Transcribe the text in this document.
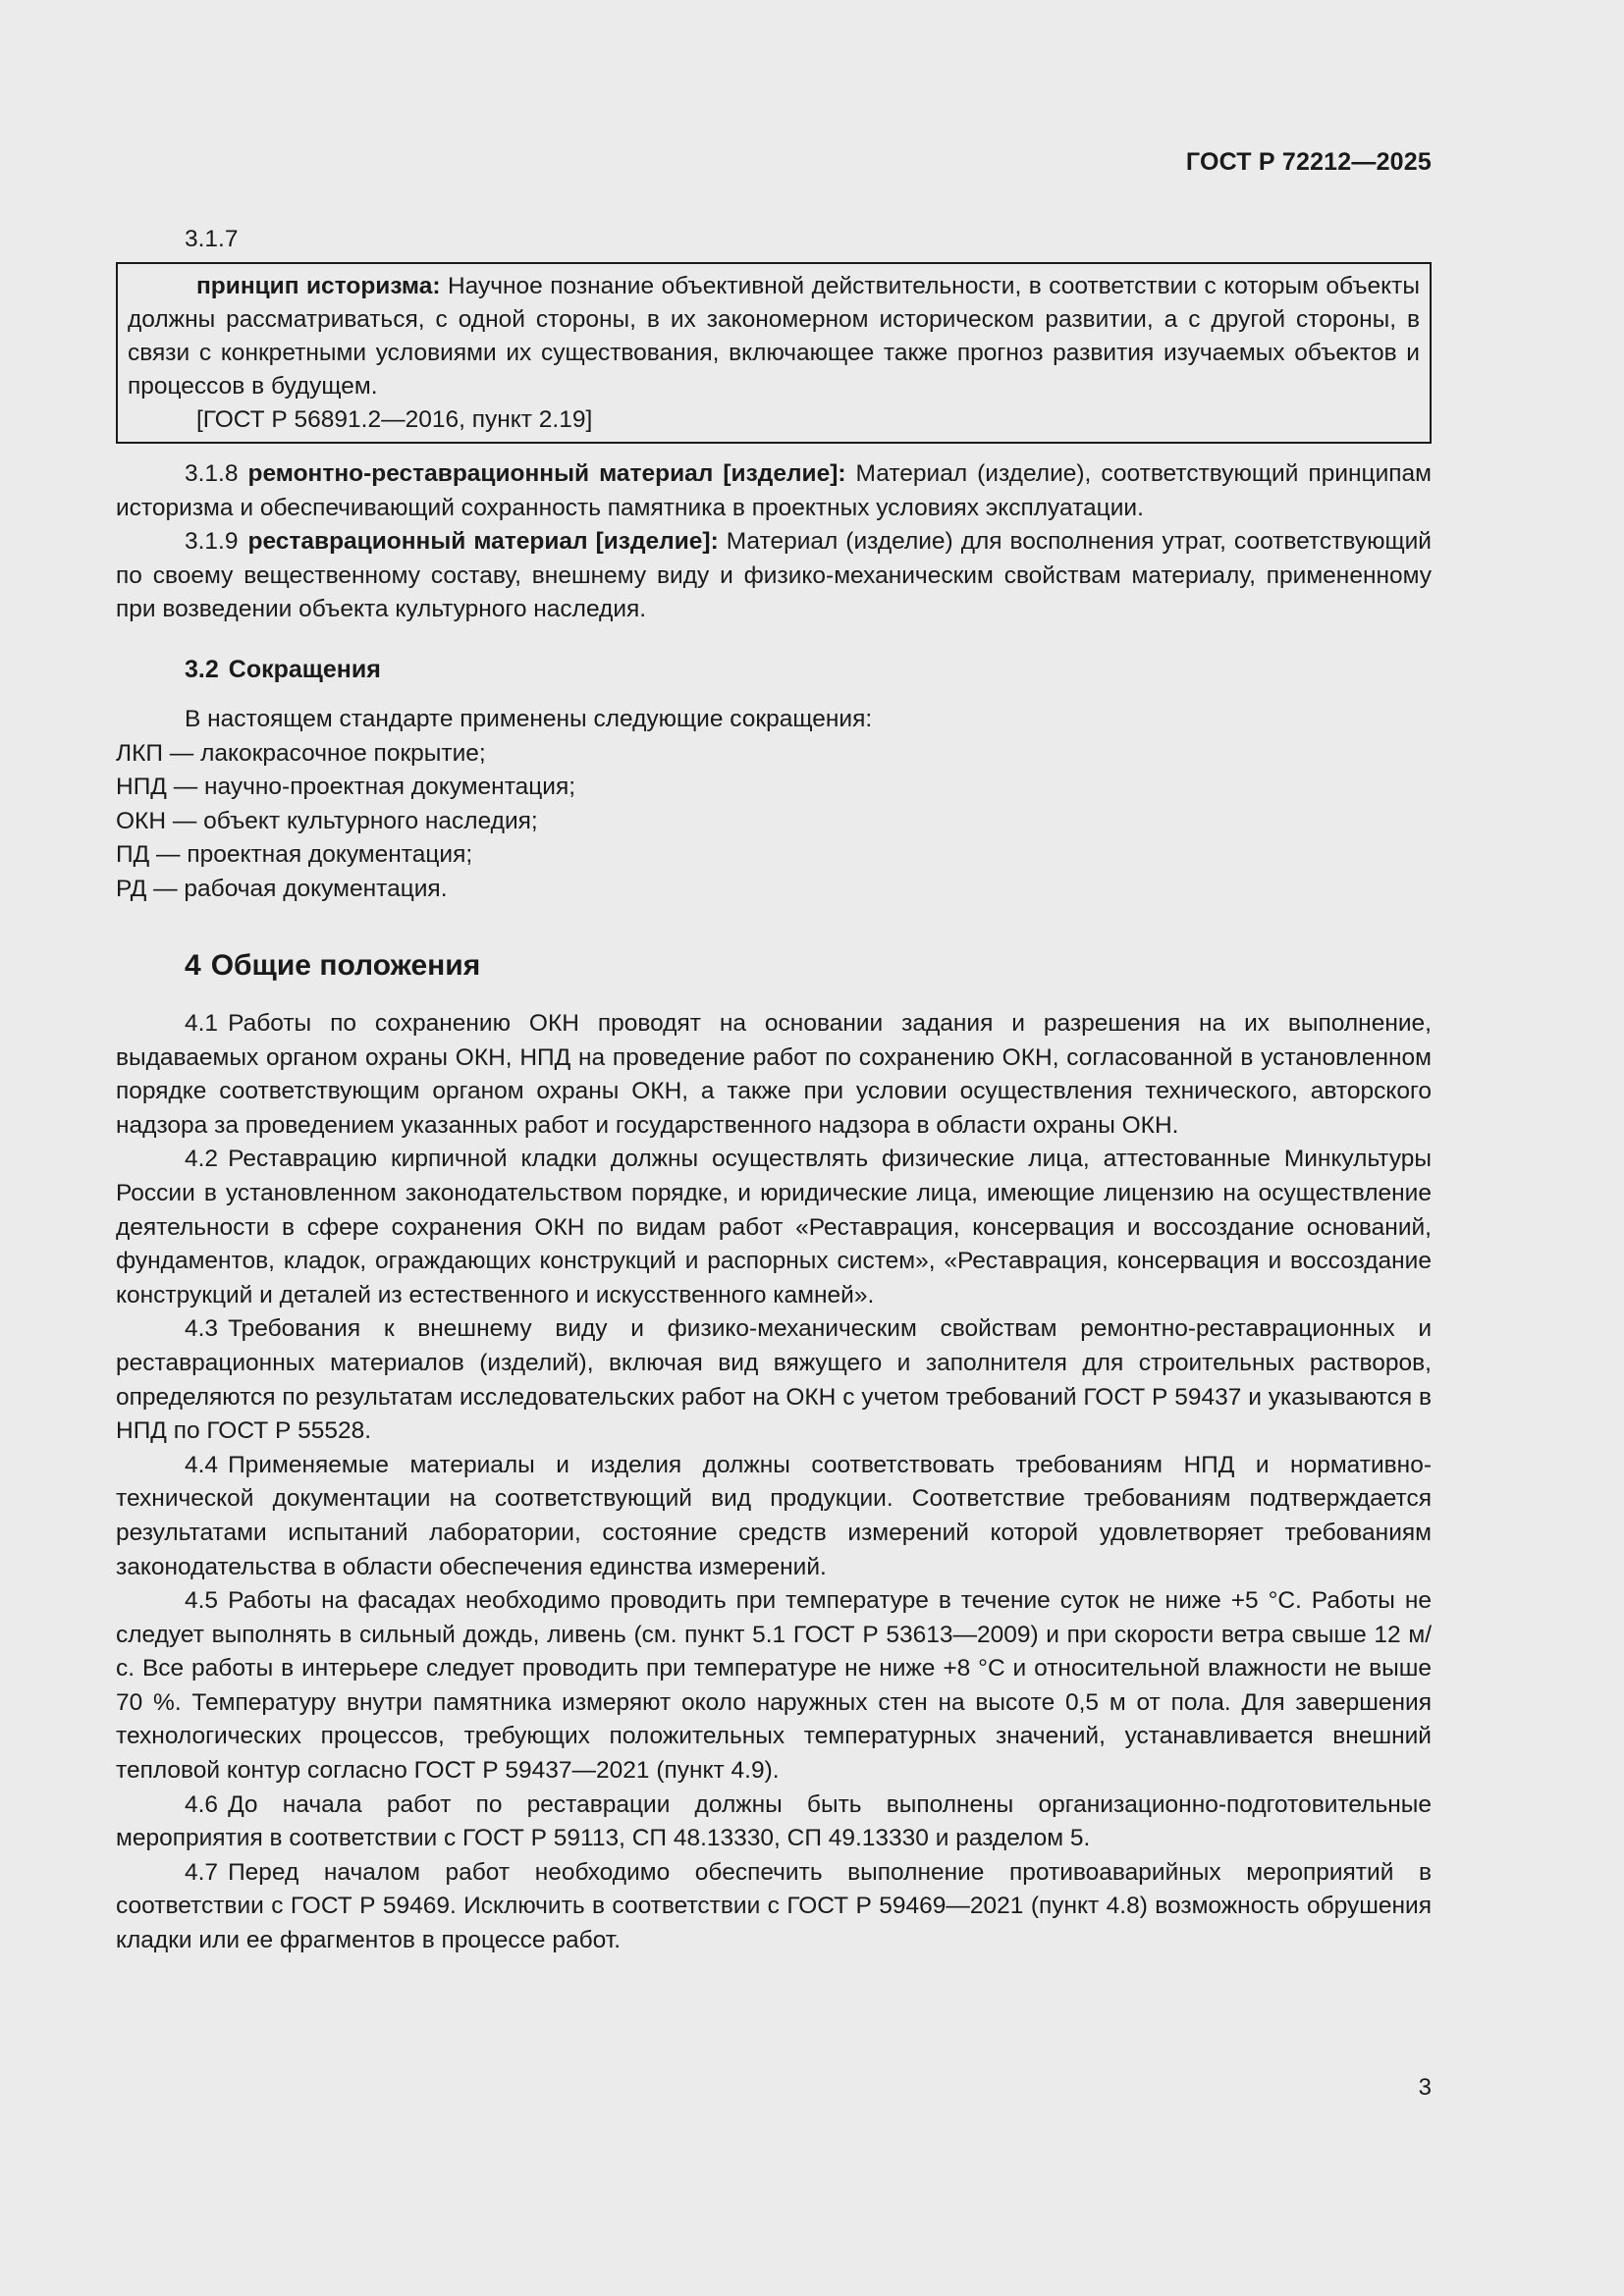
ГОСТ Р 72212—2025
3.1.7

принцип историзма: Научное познание объективной действительности, в соответствии с которым объекты должны рассматриваться, с одной стороны, в их закономерном историческом развитии, а с другой стороны, в связи с конкретными условиями их существования, включающее также прогноз развития изучаемых объектов и процессов в будущем.

[ГОСТ Р 56891.2—2016, пункт 2.19]

3.1.8 ремонтно-реставрационный материал [изделие]: Материал (изделие), соответствующий принципам историзма и обеспечивающий сохранность памятника в проектных условиях эксплуатации.

3.1.9 реставрационный материал [изделие]: Материал (изделие) для восполнения утрат, соответствующий по своему вещественному составу, внешнему виду и физико-механическим свойствам материалу, примененному при возведении объекта культурного наследия.

3.2 Сокращения

В настоящем стандарте применены следующие сокращения:

ЛКП — лакокрасочное покрытие;

НПД — научно-проектная документация;

ОКН — объект культурного наследия;

ПД — проектная документация;

РД — рабочая документация.

4 Общие положения

4.1 Работы по сохранению ОКН проводят на основании задания и разрешения на их выполнение, выдаваемых органом охраны ОКН, НПД на проведение работ по сохранению ОКН, согласованной в установленном порядке соответствующим органом охраны ОКН, а также при условии осуществления технического, авторского надзора за проведением указанных работ и государственного надзора в области охраны ОКН.

4.2 Реставрацию кирпичной кладки должны осуществлять физические лица, аттестованные Минкультуры России в установленном законодательством порядке, и юридические лица, имеющие лицензию на осуществление деятельности в сфере сохранения ОКН по видам работ «Реставрация, консервация и воссоздание оснований, фундаментов, кладок, ограждающих конструкций и распорных систем», «Реставрация, консервация и воссоздание конструкций и деталей из естественного и искусственного камней».

4.3 Требования к внешнему виду и физико-механическим свойствам ремонтно-реставрационных и реставрационных материалов (изделий), включая вид вяжущего и заполнителя для строительных растворов, определяются по результатам исследовательских работ на ОКН с учетом требований ГОСТ Р 59437 и указываются в НПД по ГОСТ Р 55528.

4.4 Применяемые материалы и изделия должны соответствовать требованиям НПД и нормативно-технической документации на соответствующий вид продукции. Соответствие требованиям подтверждается результатами испытаний лаборатории, состояние средств измерений которой удовлетворяет требованиям законодательства в области обеспечения единства измерений.

4.5 Работы на фасадах необходимо проводить при температуре в течение суток не ниже +5 °С. Работы не следует выполнять в сильный дождь, ливень (см. пункт 5.1 ГОСТ Р 53613—2009) и при скорости ветра свыше 12 м/с. Все работы в интерьере следует проводить при температуре не ниже +8 °С и относительной влажности не выше 70 %. Температуру внутри памятника измеряют около наружных стен на высоте 0,5 м от пола. Для завершения технологических процессов, требующих положительных температурных значений, устанавливается внешний тепловой контур согласно ГОСТ Р 59437—2021 (пункт 4.9).

4.6 До начала работ по реставрации должны быть выполнены организационно-подготовительные мероприятия в соответствии с ГОСТ Р 59113, СП 48.13330, СП 49.13330 и разделом 5.

4.7 Перед началом работ необходимо обеспечить выполнение противоаварийных мероприятий в соответствии с ГОСТ Р 59469. Исключить в соответствии с ГОСТ Р 59469—2021 (пункт 4.8) возможность обрушения кладки или ее фрагментов в процессе работ.

3
